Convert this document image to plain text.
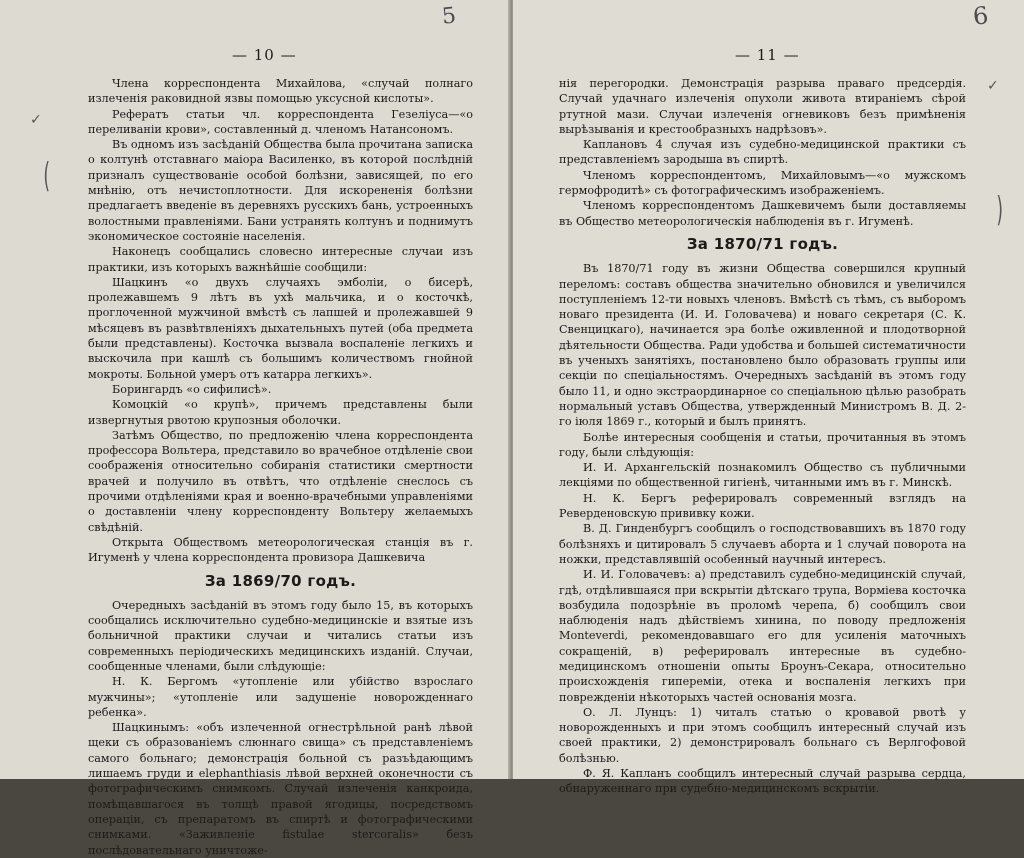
5
— 10 —
✓
(

Члена корреспондента Михайлова, «случай полнаго излеченія раковидной язвы помощью уксусной кислоты».

Рефератъ статьи чл. корреспондента Гезеліуса—«о переливаніи крови», составленный д. членомъ Натансономъ.

Въ одномъ изъ засѣданій Общества была прочитана записка о колтунѣ отставнаго маіора Василенко, въ которой послѣдній призналъ существованіе особой болѣзни, зависящей, по его мнѣнію, отъ нечистоплотности. Для искорененія болѣзни предлагаетъ введеніе въ деревняхъ русскихъ бань, устроенныхъ волостными правленіями. Бани устранять колтунъ и поднимутъ экономическое состояніе населенія.

Наконецъ сообщались словесно интересные случаи изъ практики, изъ которыхъ важнѣйшіе сообщили:

Шацкинъ «о двухъ случаяхъ эмболіи, о бисерѣ, пролежавшемъ 9 лѣтъ въ ухѣ мальчика, и о косточкѣ, проглоченной мужчиной вмѣстѣ съ лапшей и пролежавшей 9 мѣсяцевъ въ развѣтвленіяхъ дыхательныхъ путей (оба предмета были представлены). Косточка вызвала воспаленіе легкихъ и выскочила при кашлѣ съ большимъ количествомъ гнойной мокроты. Больной умеръ отъ катарра легкихъ».

Борингардъ «о сифилисѣ».

Комоцкій «о крупѣ», причемъ представлены были извергнутыя рвотою крупозныя оболочки.

Затѣмъ Общество, по предложенію члена корреспондента профессора Вольтера, представило во врачебное отдѣленіе свои соображенія относительно собиранія статистики смертности врачей и получило въ отвѣтъ, что отдѣленіе снеслось съ прочими отдѣленіями края и военно-врачебными управленіями о доставленіи члену корреспонденту Вольтеру желаемыхъ свѣдѣній.

Открыта Обществомъ метеорологическая станція въ г. Игуменѣ у члена корреспондента провизора Дашкевича

За 1869/70 годъ.

Очередныхъ засѣданій въ этомъ году было 15, въ которыхъ сообщались исключительно судебно-медицинскіе и взятые изъ больничной практики случаи и читались статьи изъ современныхъ періодическихъ медицинскихъ изданій. Случаи, сообщенные членами, были слѣдующіе:

Н. К. Бергомъ «утопленіе или убійство взрослаго мужчины»; «утопленіе или задушеніе новорожденнаго ребенка».

Шацкинымъ: «объ излеченной огнестрѣльной ранѣ лѣвой щеки съ образованіемъ слюннаго свища» съ представленіемъ самого больнаго; демонстрація больной съ разъѣдающимъ лишаемъ груди и elephanthiasis лѣвой верхней оконечности съ фотографическимъ снимкомъ. Случай излеченія канкроида, помѣщавшагося въ толщѣ правой ягодицы, посредствомъ операціи, съ препаратомъ въ спиртѣ и фотографическими снимками. «Заживленіе fistulae stercoralis» безъ послѣдовательнаго уничтоже-

6
— 11 —
✓
)

нія перегородки. Демонстрація разрыва праваго предсердія. Случай удачнаго излеченія опухоли живота втираніемъ сѣрой ртутной мази. Случаи излеченія огневиковъ безъ примѣненія вырѣзыванія и крестообразныхъ надрѣзовъ».

Каплановъ 4 случая изъ судебно-медицинской практики съ представленіемъ зародыша въ спиртѣ.

Членомъ корреспондентомъ, Михайловымъ—«о мужскомъ гермофродитѣ» съ фотографическимъ изображеніемъ.

Членомъ корреспондентомъ Дашкевичемъ были доставляемы въ Общество метеорологическія наблюденія въ г. Игуменѣ.

За 1870/71 годъ.

Въ 1870/71 году въ жизни Общества совершился крупный переломъ: составъ общества значительно обновился и увеличился поступленіемъ 12-ти новыхъ членовъ. Вмѣстѣ съ тѣмъ, съ выборомъ новаго президента (И. И. Головачева) и новаго секретаря (С. К. Свенцицкаго), начинается эра болѣе оживленной и плодотворной дѣятельности Общества. Ради удобства и большей систематичности въ ученыхъ занятіяхъ, постановлено было образовать группы или секціи по спеціальностямъ. Очередныхъ засѣданій въ этомъ году было 11, и одно экстраординарное со спеціальною цѣлью разобрать нормальный уставъ Общества, утвержденный Министромъ В. Д. 2-го іюля 1869 г., который и былъ принятъ.

Болѣе интересныя сообщенія и статьи, прочитанныя въ этомъ году, были слѣдующія:

И. И. Архангельскій познакомилъ Общество съ публичными лекціями по общественной гигіенѣ, читанными имъ въ г. Минскѣ.

Н. К. Бергъ реферировалъ современный взглядъ на Реверденовскую прививку кожи.

В. Д. Гинденбургъ сообщилъ о господствовавшихъ въ 1870 году болѣзняхъ и цитировалъ 5 случаевъ аборта и 1 случай поворота на ножки, представлявшій особенный научный интересъ.

И. И. Головачевъ: а) представилъ судебно-медицинскій случай, гдѣ, отдѣлившаяся при вскрытіи дѣтскаго трупа, Ворміева косточка возбудила подозрѣніе въ проломѣ черепа, б) сообщилъ свои наблюденія надъ дѣйствіемъ хинина, по поводу предложенія Monteverdi, рекомендовавшаго его для усиленія маточныхъ сокращеній, в) реферировалъ интересные въ судебно-медицинскомъ отношеніи опыты Броунъ-Секара, относительно происхожденія гипереміи, отека и воспаленія легкихъ при поврежденіи нѣкоторыхъ частей основанія мозга.

О. Л. Лунцъ: 1) читалъ статью о кровавой рвотѣ у новорожденныхъ и при этомъ сообщилъ интересный случай изъ своей практики, 2) демонстрировалъ больнаго съ Верлгофовой болѣзнью.

Ф. Я. Капланъ сообщилъ интересный случай разрыва сердца, обнаруженнаго при судебно-медицинскомъ вскрытіи.
